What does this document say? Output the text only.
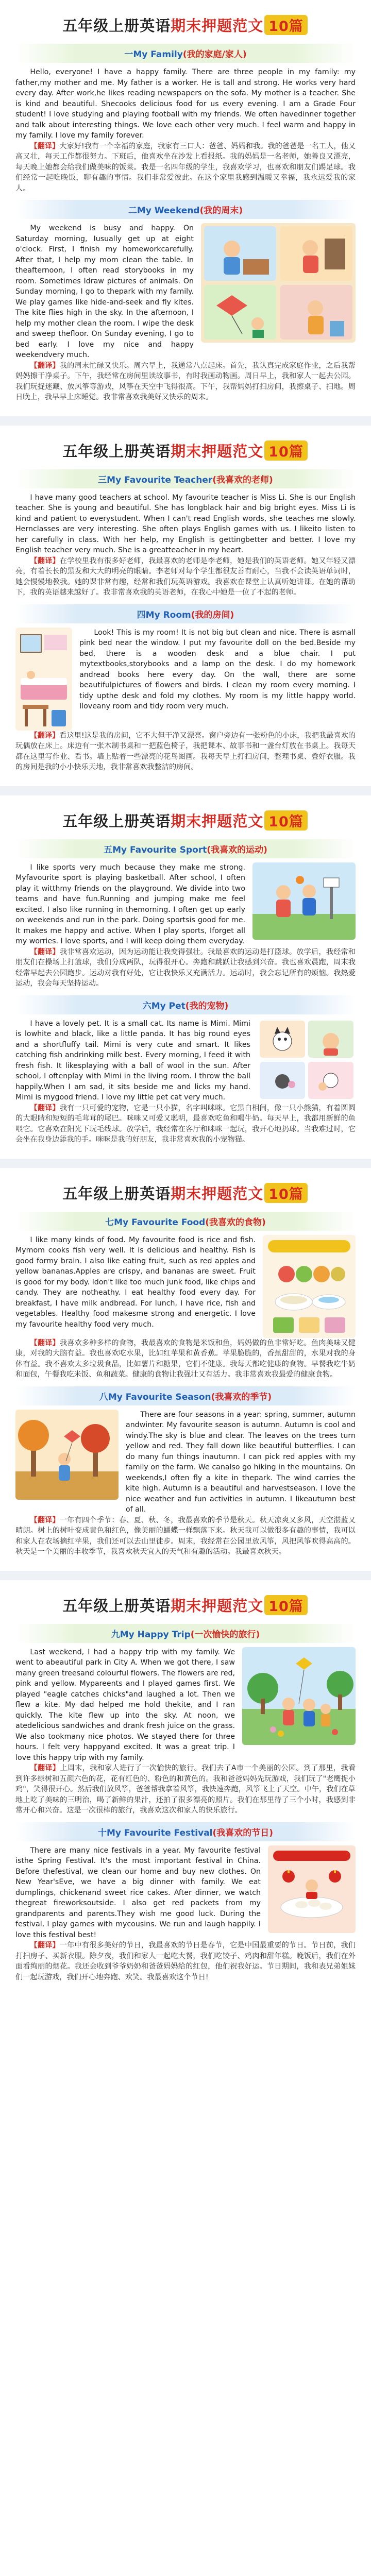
五年级上册英语期末押题范文 10篇
一My Family(我的家庭/家人)

Hello, everyone! I have a happy family. There are three people in my family: my father,my mother and me. My father is a worker. He is tall and strong. He works very hard every day. After work,he likes reading newspapers on the sofa. My mother is a teacher. She is kind and beautiful. Shecooks delicious food for us every evening. I am a Grade Four student! I love studying and playing football with my friends. We often havedinner together and talk about interesting things. We love each other very much. I feel warm and happy in my family. I love my family forever.

【翻译】大家好!我有一个幸福的家庭，我家有三口人：爸爸、妈妈和我。我的爸爸是一名工人，他又高又壮，每天工作都很努力。下班后，他喜欢坐在沙发上看报纸。我的妈妈是一名老师，她善良又漂亮，每天晚上她都会给我们做美味的饭菜。我是一名四年级的学生，我喜欢学习，也喜欢和朋友们踢足球。我们经常一起吃晚饭，聊有趣的事情。我们非常爱彼此。在这个家里我感到温暖又幸福，我永远爱我的家人。

二My Weekend(我的周末)

My weekend is busy and happy. On Saturday morning, Iusually get up at eight o'clock. First, I finish my homeworkcarefully. After that, I help my mom clean the table. In theafternoon, I often read storybooks in my room. Sometimes Idraw pictures of animals. On Sunday morning, I go to thepark with my family. We play games like hide-and-seek and fly kites. The kite flies high in the sky. In the afternoon, I help my mother clean the room. I wipe the desk and sweep thefloor. On Sunday evening, I go to bed early. I love my nice and happy weekendvery much.

【翻译】我的周末忙碌又快乐。周六早上，我通常八点起床。首先，我认真完成家庭作业，之后我帮妈妈擦干净桌子。下午，我经常在房间里读故事书，有时我画动物画。周日早上，我和家人一起去公园。我们玩捉迷藏、放风筝等游戏，风筝在天空中飞得很高。下午，我帮妈妈打扫房间，我擦桌子、扫地。周日晚上，我早早上床睡觉。我非常喜欢我美好又快乐的周末。

五年级上册英语期末押题范文 10篇
三My Favourite Teacher(我喜欢的老师)

I have many good teachers at school. My favourite teacher is Miss Li. She is our English teacher. She is young and beautiful. She has longblack hair and big bright eyes. Miss Li is kind and patient to everystudent. When I can't read English words, she teaches me slowly. Hernclasses are very interesting. She often plays English games with us. I likeito listen to her carefully in class. With her help, my English is gettingbetter and better. I love my English teacher very much. She is a greatteacher in my heart.

【翻译】在学校里我有很多好老师，我最喜欢的老师是李老师，她是我们的英语老师。她又年轻又漂亮，有着长长的黑发和大大的明亮的眼睛。李老师对每个学生都很友善有耐心，当我不会读英语单词时，她会慢慢地教我。她的课非常有趣，经常和我们玩英语游戏。我喜欢在课堂上认真听她讲课。在她的帮助下，我的英语越来越好了。我非常喜欢我的英语老师，在我心中她是一位了不起的老师。

四My Room(我的房间)

Look! This is my room! It is not big but clean and nice. There is asmall pink bed near the window. I put my favourite doll on the bed.Beside my bed, there is a wooden desk and a blue chair. I put mytextbooks,storybooks and a lamp on the desk. I do my homework andread books here every day. On the wall, there are some beautifulpictures of flowers and birds. I clean my room every morning. I tidy upthe desk and fold my clothes. My room is my little happy world. Iloveany room and tidy room very much.

【翻译】看这里!这是我的房间，它不大但干净又漂亮。窗户旁边有一张粉色的小床，我把我最喜欢的玩偶放在床上。床边有一张木制书桌和一把蓝色椅子，我把课本、故事书和一盏台灯放在书桌上。我每天都在这里写作业、看书。墙上贴着一些漂亮的花鸟图画。我每天早上打扫房间，整理书桌、叠好衣服。我的房间是我的小小快乐天地，我非常喜欢我整洁的房间。

五年级上册英语期末押题范文 10篇
五My Favourite Sport(我喜欢的运动)

I like sports very much because they make me strong. Myfavourite sport is playing basketball. After school, I often play it witthmy friends on the playground. We divide into two teams and have fun.Running and jumping make me feel excited. I also like running in themorning. I often get up early on weekends and run in the park. Doing sportsis good for me. It makes me happy and active. When I play sports, Iforget all my worries. I love sports, and I will keep doing them everyday.

【翻译】我非常喜欢运动，因为运动能让我变得强壮。我最喜欢的运动是打篮球。放学后，我经常和朋友们在操场上打篮球，我们分成两队，玩得很开心。奔跑和跳跃让我感到兴奋。我也喜欢晨跑，周末我经常早起去公园跑步。运动对我有好处，它让我快乐又充满活力。运动时，我会忘记所有的烦恼。我热爱运动，我会每天坚持运动。

六My Pet(我的宠物)

I have a lovely pet. It is a small cat. Its name is Mimi. Mimi is lowhite and black, like a little panda. It has big round eyes and a shortfluffy tail. Mimi is very cute and smart. It likes catching fish andrinking milk best. Every morning, I feed it with fresh fish. It likesplaying with a ball of wool in the sun. After school, I oftenplay with Mimi in the living room. I throw the ball happily.When I am sad, it sits beside me and licks my hand. Mimi is mygood friend. I love my little pet cat very much.

【翻译】我有一只可爱的宠物，它是一只小猫，名字叫咪咪。它黑白相间，像一只小熊猫，有着圆圆的大眼睛和短短的毛茸茸的尾巴。咪咪又可爱又聪明，最喜欢吃鱼和喝牛奶。每天早上，我都用新鲜的鱼喂它。它喜欢在阳光下玩毛线球。放学后，我经常在客厅和咪咪一起玩，我开心地扔球。当我难过时，它会坐在我身边舔我的手。咪咪是我的好朋友，我非常喜欢我的小宠物猫。

五年级上册英语期末押题范文 10篇
七My Favourite Food(我喜欢的食物)

I like many kinds of food. My favourite food is rice and fish. Mymom cooks fish very well. It is delicious and healthy. Fish is good formy brain. I also like eating fruit, such as red apples and yellow bananas.Apples are crispy, and bananas are sweet. Fruit is good for my body. Idon't like too much junk food, like chips and candy. They are notheathy. I eat healthy food every day. For breakfast, I have milk andbread. For lunch, I have rice, fish and vegetables. Healthy food makesme strong and energetic. I love my favourite healthy food very much.

【翻译】我喜欢多种多样的食物，我最喜欢的食物是米饭和鱼，妈妈做的鱼非常好吃。鱼肉美味又健康，对我的大脑有益。我也喜欢吃水果，比如红苹果和黄香蕉。苹果脆脆的，香蕉甜甜的，水果对我的身体有益。我不喜欢太多垃圾食品，比如薯片和糖果，它们不健康。我每天都吃健康的食物。早餐我吃牛奶和面包，午餐我吃米饭、鱼和蔬菜。健康的食物让我强壮又有活力。我非常喜欢我最爱的健康食物。

八My Favourite Season(我喜欢的季节)

There are four seasons in a year: spring, summer, autumn andwinter. My favourite season is autumn. Autumn is cool and windy.The sky is blue and clear. The leaves on the trees turn yellow and red. They fall down like beautiful butterflies. I can do many fun things inautumn. I can pick red apples with my family on the farm. We canalso go hiking in the mountains. On weekends,I often fly a kite in thepark. The wind carries the kite high. Autumn is a beautiful and harvestseason. I love the nice weather and fun activities in autumn. I likeautumn best of all.

【翻译】一年有四个季节：春、夏、秋、冬，我最喜欢的季节是秋天。秋天凉爽又多风，天空湛蓝又晴朗。树上的树叶变成黄色和红色，像美丽的蝴蝶一样飘落下来。秋天我可以做很多有趣的事情，我可以和家人在农场摘红苹果，我们还可以去山里徒步。周末，我经常在公园里放风筝，风把风筝吹得高高的。秋天是一个美丽的丰收季节，我喜欢秋天宜人的天气和有趣的活动。我最喜欢秋天。

五年级上册英语期末押题范文 10篇
九My Happy Trip(一次愉快的旅行)

Last weekend, I had a happy trip with my family. We went to abeautiful park in City A. When we got there, I saw many green treesand colourful flowers. The flowers are red, pink and yellow. Mypareents and I played games first. We played "eagle catches chicks"and laughed a lot. Then we flew a kite. My dad helped me hold thekite, and I ran quickly. The kite flew up into the sky. At noon, we atedelicious sandwiches and drank fresh juice on the grass. We also tookmany nice photos. We stayed there for three hours. I felt very happyand excited. It was a great trip. I love this happy trip with my family.

【翻译】上周末，我和家人进行了一次愉快的旅行。我们去了A市一个美丽的公园。到了那里，我看到许多绿树和五颜六色的花，花有红色的、粉色的和黄色的。我和爸爸妈妈先玩游戏，我们玩了"老鹰捉小鸡"，笑得很开心。然后我们放风筝，爸爸帮我拿着风筝，我快速奔跑，风筝飞上了天空。中午，我们在草地上吃了美味的三明治，喝了新鲜的果汁，还拍了很多漂亮的照片。我们在那里待了三个小时，我感到非常开心和兴奋。这是一次很棒的旅行，我喜欢这次和家人的快乐旅行。

十My Favourite Festival(我喜欢的节日)

There are many nice festivals in a year. My favourite festival isthe Spring Festival. It's the most important festival in China. Before thefestival, we clean our home and buy new clothes. On New Year'sEve, we have a big dinner with family. We eat dumplings, chickenand sweet rice cakes. After dinner, we watch thegreat fireworksoutside. I also get red packets from my grandparents and parents.They wish me good luck. During the festival, I play games with mycousins. We run and laugh happily. I love this festival best!

【翻译】一年中有很多美好的节日，我最喜欢的节日是春节，它是中国最重要的节日。节日前，我们打扫房子、买新衣服。除夕夜，我们和家人一起吃大餐，我们吃饺子、鸡肉和甜年糕。晚饭后，我们在外面看绚丽的烟花。我还会收到爷爷奶奶和爸爸妈妈给的红包，他们祝我好运。节日期间，我和表兄弟姐妹们一起玩游戏，我们开心地奔跑、欢笑。我最喜欢这个节日!
